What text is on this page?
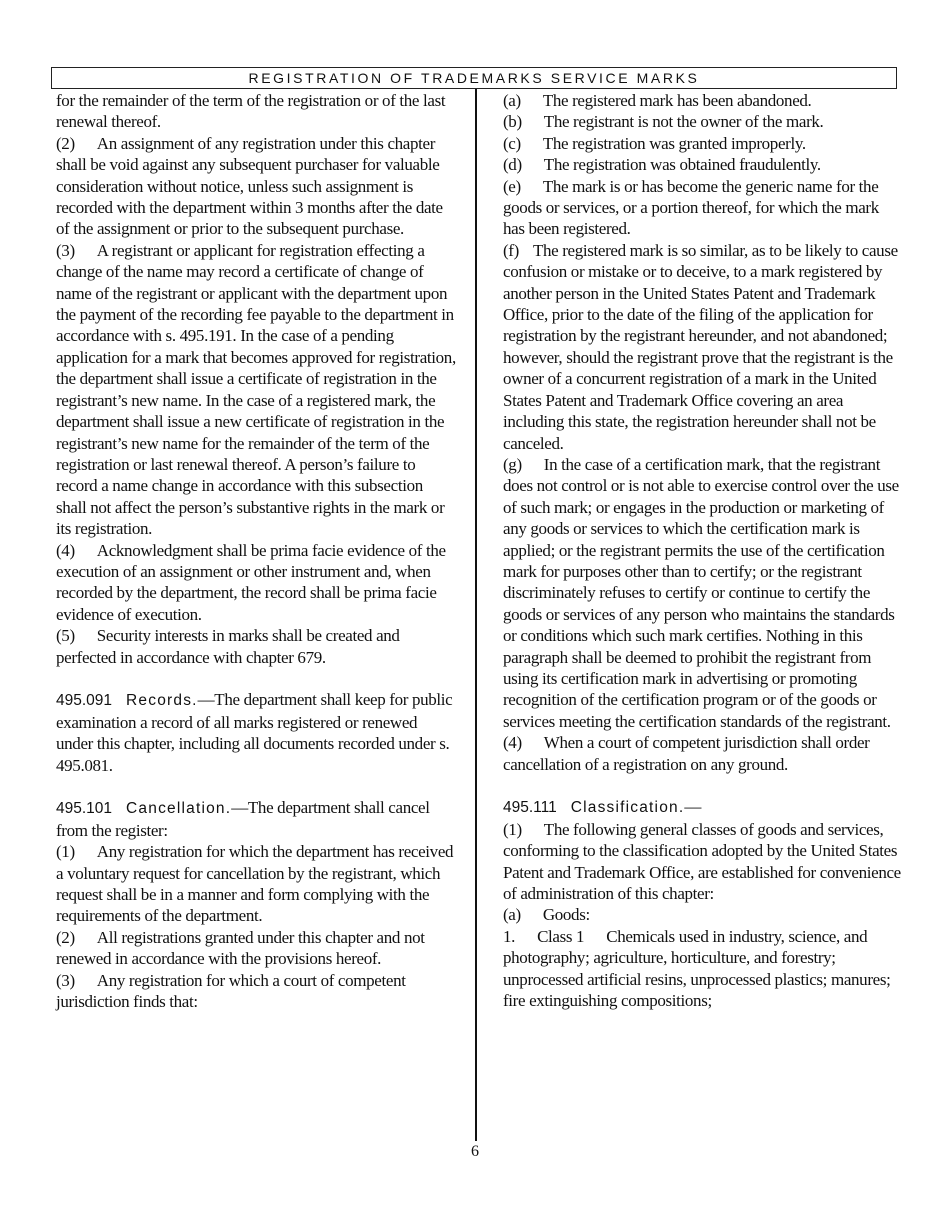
REGISTRATION OF TRADEMARKS SERVICE MARKS

for the remainder of the term of the registration or of the last renewal thereof.

(2) An assignment of any registration under this chapter shall be void against any subsequent purchaser for valuable consideration without notice, unless such assignment is recorded with the department within 3 months after the date of the assignment or prior to the subsequent purchase.

(3) A registrant or applicant for registration effecting a change of the name may record a certificate of change of name of the registrant or applicant with the department upon the payment of the recording fee payable to the department in accordance with s. 495.191. In the case of a pending application for a mark that becomes approved for registration, the department shall issue a certificate of registration in the registrant’s new name. In the case of a registered mark, the department shall issue a new certificate of registration in the registrant’s new name for the remainder of the term of the registration or last renewal thereof. A person’s failure to record a name change in accordance with this subsection shall not affect the person’s substantive rights in the mark or its registration.

(4) Acknowledgment shall be prima facie evidence of the execution of an assignment or other instrument and, when recorded by the department, the record shall be prima facie evidence of execution.

(5) Security interests in marks shall be created and perfected in accordance with chapter 679.

495.091 Records.—The department shall keep for public examination a record of all marks registered or renewed under this chapter, including all documents recorded under s. 495.081.

495.101 Cancellation.—The department shall cancel from the register:

(1) Any registration for which the department has received a voluntary request for cancellation by the registrant, which request shall be in a manner and form complying with the requirements of the department.

(2) All registrations granted under this chapter and not renewed in accordance with the provisions hereof.

(3) Any registration for which a court of competent jurisdiction finds that:

(a) The registered mark has been abandoned.

(b) The registrant is not the owner of the mark.

(c) The registration was granted improperly.

(d) The registration was obtained fraudulently.

(e) The mark is or has become the generic name for the goods or services, or a portion thereof, for which the mark has been registered.

(f) The registered mark is so similar, as to be likely to cause confusion or mistake or to deceive, to a mark registered by another person in the United States Patent and Trademark Office, prior to the date of the filing of the application for registration by the registrant hereunder, and not abandoned; however, should the registrant prove that the registrant is the owner of a concurrent registration of a mark in the United States Patent and Trademark Office covering an area including this state, the registration hereunder shall not be canceled.

(g) In the case of a certification mark, that the registrant does not control or is not able to exercise control over the use of such mark; or engages in the production or marketing of any goods or services to which the certification mark is applied; or the registrant permits the use of the certification mark for purposes other than to certify; or the registrant discriminately refuses to certify or continue to certify the goods or services of any person who maintains the standards or conditions which such mark certifies. Nothing in this paragraph shall be deemed to prohibit the registrant from using its certification mark in advertising or promoting recognition of the certification program or of the goods or services meeting the certification standards of the registrant.

(4) When a court of competent jurisdiction shall order cancellation of a registration on any ground.

495.111 Classification.—

(1) The following general classes of goods and services, conforming to the classification adopted by the United States Patent and Trademark Office, are established for convenience of administration of this chapter:

(a) Goods:

1. Class 1 Chemicals used in industry, science, and photography; agriculture, horticulture, and forestry; unprocessed artificial resins, unprocessed plastics; manures; fire extinguishing compositions;

6
